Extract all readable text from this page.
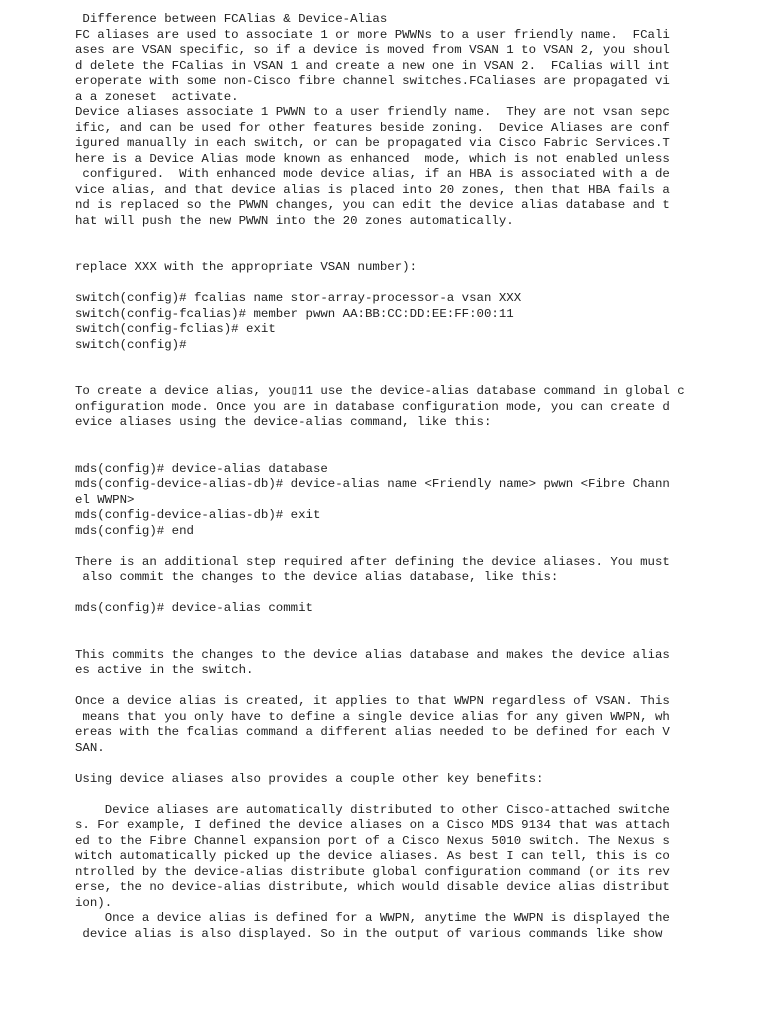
Difference between FCAlias & Device-Alias
FC aliases are used to associate 1 or more PWWNs to a user friendly name.  FCali
ases are VSAN specific, so if a device is moved from VSAN 1 to VSAN 2, you shoul
d delete the FCalias in VSAN 1 and create a new one in VSAN 2.  FCalias will int
eroperate with some non-Cisco fibre channel switches.FCaliases are propagated vi
a a zoneset  activate.
Device aliases associate 1 PWWN to a user friendly name.  They are not vsan sepc
ific, and can be used for other features beside zoning.  Device Aliases are conf
igured manually in each switch, or can be propagated via Cisco Fabric Services.T
here is a Device Alias mode known as enhanced  mode, which is not enabled unless
configured.  With enhanced mode device alias, if an HBA is associated with a de
vice alias, and that device alias is placed into 20 zones, then that HBA fails a
nd is replaced so the PWWN changes, you can edit the device alias database and t
hat will push the new PWWN into the 20 zones automatically.
replace XXX with the appropriate VSAN number):
switch(config)# fcalias name stor-array-processor-a vsan XXX
switch(config-fcalias)# member pwwn AA:BB:CC:DD:EE:FF:00:11
switch(config-fclias)# exit
switch(config)#
To create a device alias, you▯11 use the device-alias database command in global c
onfiguration mode. Once you are in database configuration mode, you can create d
evice aliases using the device-alias command, like this:
mds(config)# device-alias database
mds(config-device-alias-db)# device-alias name <Friendly name> pwwn <Fibre Chann
el WWPN>
mds(config-device-alias-db)# exit
mds(config)# end
There is an additional step required after defining the device aliases. You must
also commit the changes to the device alias database, like this:
mds(config)# device-alias commit
This commits the changes to the device alias database and makes the device alias
es active in the switch.
Once a device alias is created, it applies to that WWPN regardless of VSAN. This
means that you only have to define a single device alias for any given WWPN, wh
ereas with the fcalias command a different alias needed to be defined for each V
SAN.
Using device aliases also provides a couple other key benefits:
Device aliases are automatically distributed to other Cisco-attached switche
s. For example, I defined the device aliases on a Cisco MDS 9134 that was attach
ed to the Fibre Channel expansion port of a Cisco Nexus 5010 switch. The Nexus s
witch automatically picked up the device aliases. As best I can tell, this is co
ntrolled by the device-alias distribute global configuration command (or its rev
erse, the no device-alias distribute, which would disable device alias distribut
ion).
Once a device alias is defined for a WWPN, anytime the WWPN is displayed the
device alias is also displayed. So in the output of various commands like show
